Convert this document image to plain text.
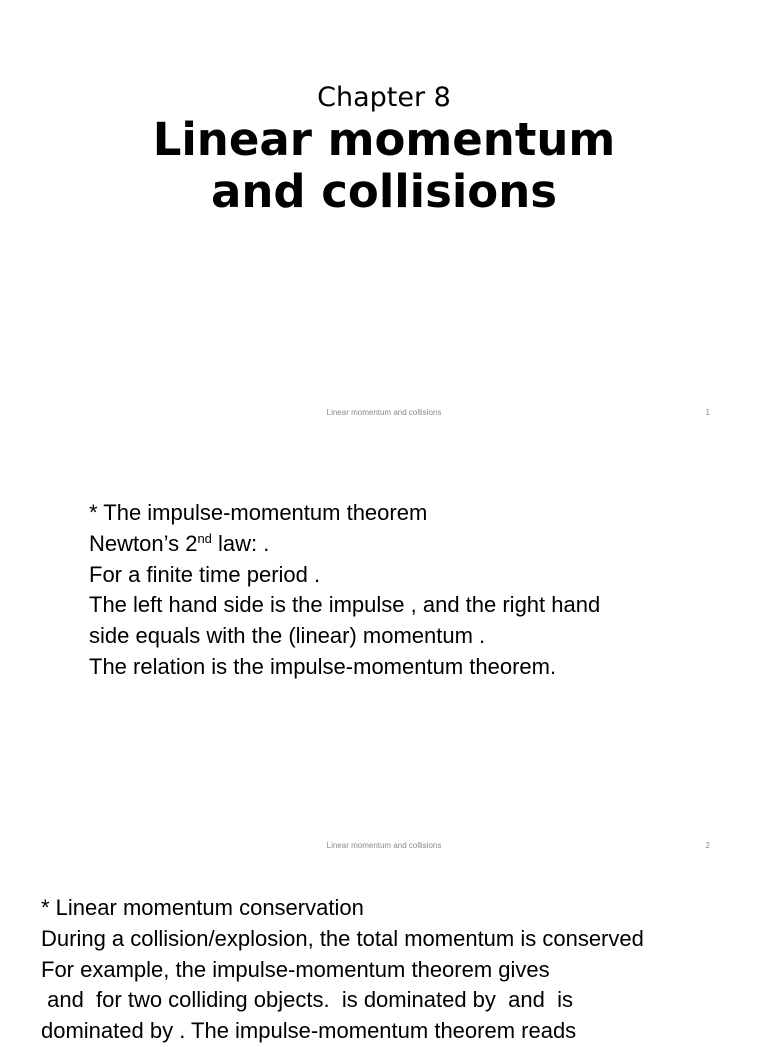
Chapter 8
Linear momentum
and collisions
Linear momentum and collisions	1
* The impulse-momentum theorem
Newton’s 2nd law: .
For a finite time period .
The left hand side is the impulse , and the right hand
side equals with the (linear) momentum .
The relation is the impulse-momentum theorem.
Linear momentum and collisions	2
* Linear momentum conservation
During a collision/explosion, the total momentum is conserved
For example, the impulse-momentum theorem gives
and  for two colliding objects.  is dominated by  and  is
dominated by . The impulse-momentum theorem reads
